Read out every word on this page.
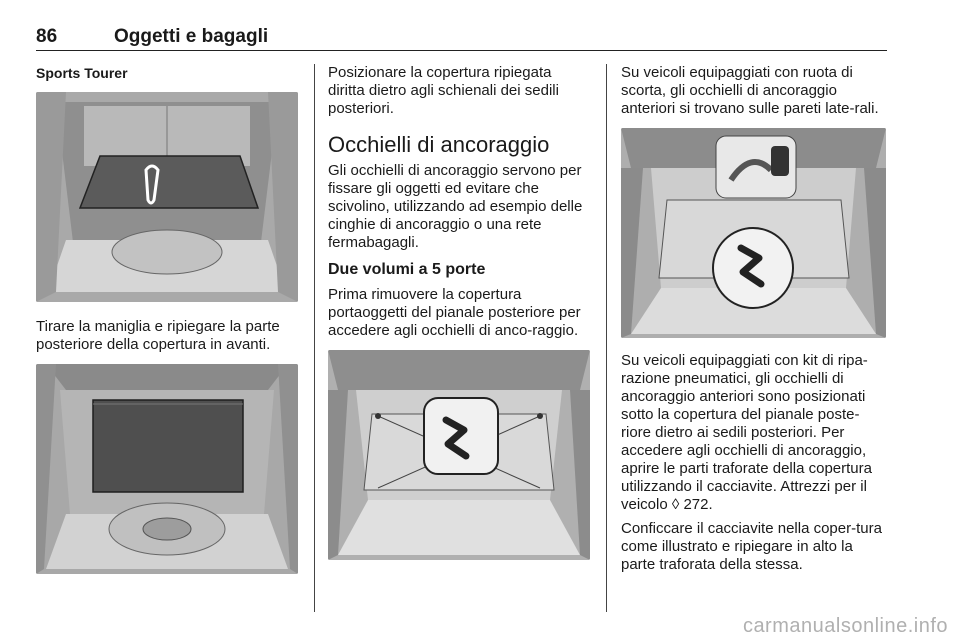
86	Oggetti e bagagli
Sports Tourer

Tirare la maniglia e ripiegare la parte posteriore della copertura in avanti.

Posizionare la copertura ripiegata diritta dietro agli schienali dei sedili posteriori.

Occhielli di ancoraggio

Gli occhielli di ancoraggio servono per fissare gli oggetti ed evitare che scivolino, utilizzando ad esempio delle cinghie di ancoraggio o una rete fermabagagli.

Due volumi a 5 porte

Prima rimuovere la copertura portaoggetti del pianale posteriore per accedere agli occhielli di anco-raggio.

Su veicoli equipaggiati con ruota di scorta, gli occhielli di ancoraggio anteriori si trovano sulle pareti late-rali.

Su veicoli equipaggiati con kit di ripa-razione pneumatici, gli occhielli di ancoraggio anteriori sono posizionati sotto la copertura del pianale poste-riore dietro ai sedili posteriori. Per accedere agli occhielli di ancoraggio, aprire le parti traforate della copertura utilizzando il cacciavite. Attrezzi per il veicolo ◊ 272.

Conficcare il cacciavite nella coper-tura come illustrato e ripiegare in alto la parte traforata della stessa.

carmanualsonline.info
